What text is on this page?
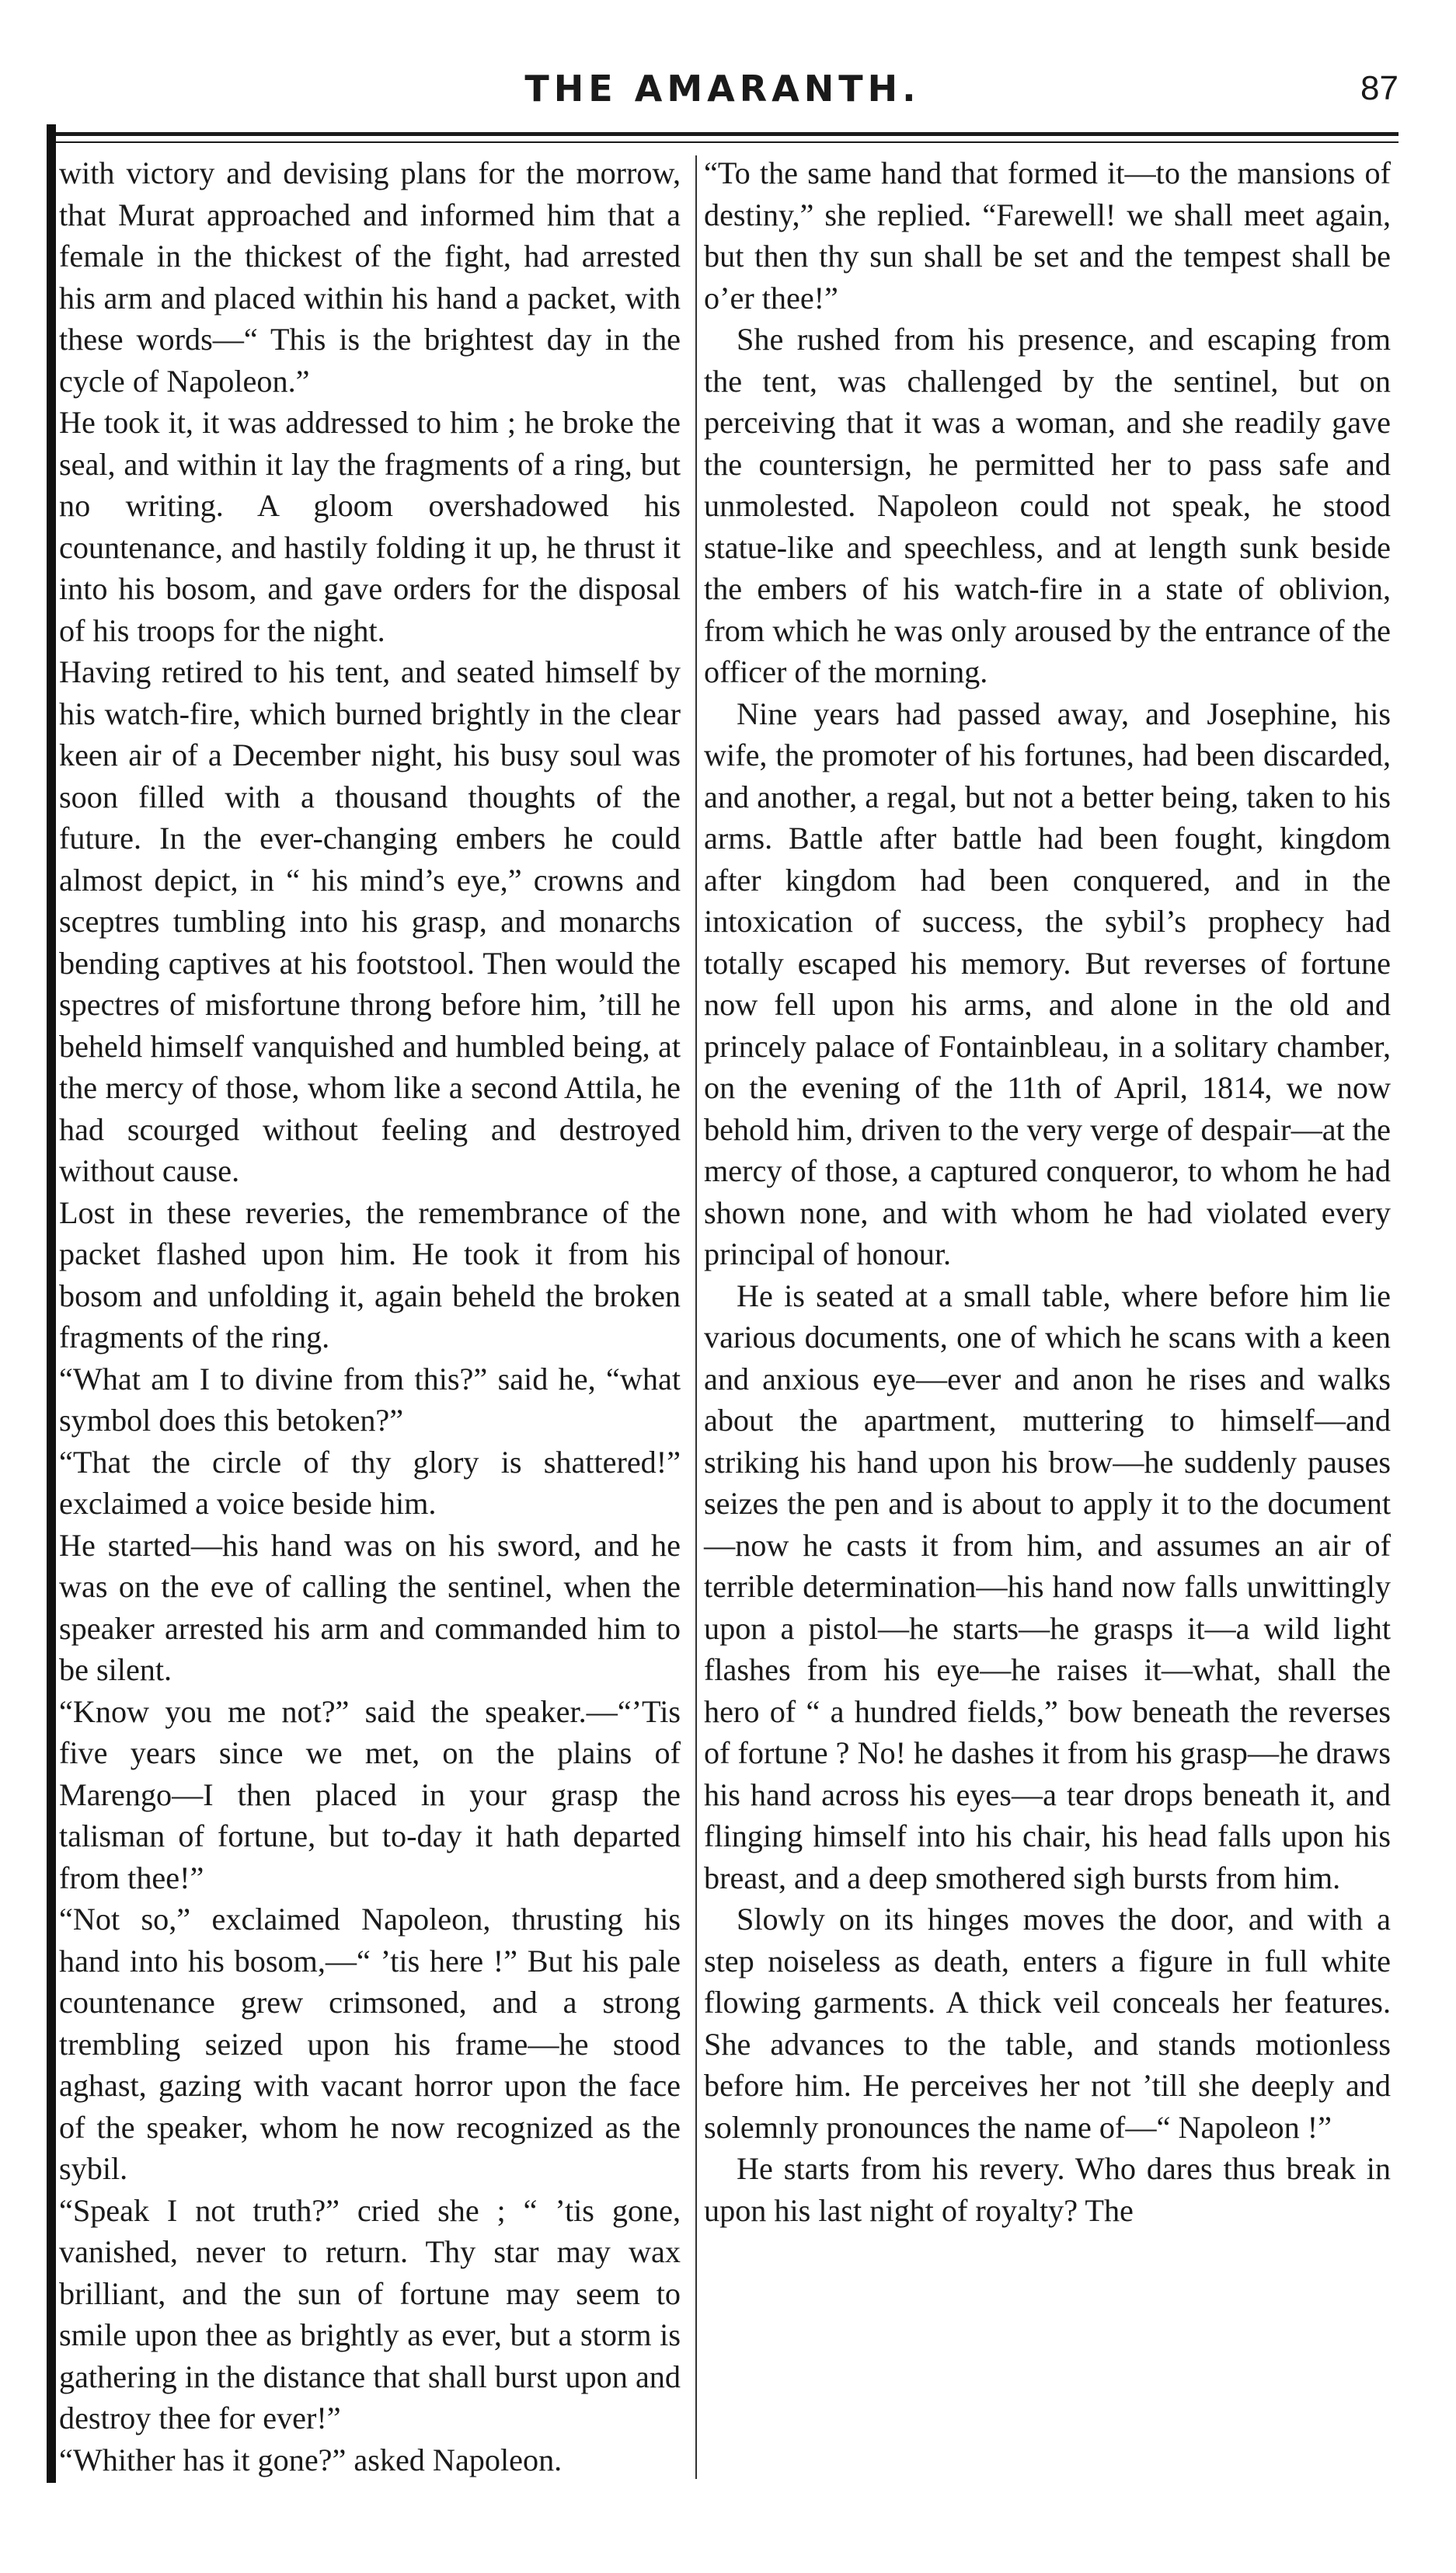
THE AMARANTH.	87

with victory and devising plans for the morrow, that Murat approached and informed him that a female in the thickest of the fight, had arrested his arm and placed within his hand a packet, with these words—“ This is the brightest day in the cycle of Napoleon.”

He took it, it was addressed to him ; he broke the seal, and within it lay the fragments of a ring, but no writing. A gloom overshadowed his countenance, and hastily folding it up, he thrust it into his bosom, and gave orders for the disposal of his troops for the night.

Having retired to his tent, and seated himself by his watch-fire, which burned brightly in the clear keen air of a December night, his busy soul was soon filled with a thousand thoughts of the future. In the ever-changing embers he could almost depict, in “ his mind’s eye,” crowns and sceptres tumbling into his grasp, and monarchs bending captives at his footstool. Then would the spectres of misfortune throng before him, ’till he beheld himself vanquished and humbled being, at the mercy of those, whom like a second Attila, he had scourged without feeling and destroyed without cause.

Lost in these reveries, the remembrance of the packet flashed upon him. He took it from his bosom and unfolding it, again beheld the broken fragments of the ring.

“What am I to divine from this?” said he, “what symbol does this betoken?”

“That the circle of thy glory is shattered!” exclaimed a voice beside him.

He started—his hand was on his sword, and he was on the eve of calling the sentinel, when the speaker arrested his arm and commanded him to be silent.

“Know you me not?” said the speaker.—“’Tis five years since we met, on the plains of Marengo—I then placed in your grasp the talisman of fortune, but to-day it hath departed from thee!”

“Not so,” exclaimed Napoleon, thrusting his hand into his bosom,—“ ’tis here !” But his pale countenance grew crimsoned, and a strong trembling seized upon his frame—he stood aghast, gazing with vacant horror upon the face of the speaker, whom he now recognized as the sybil.

“Speak I not truth?” cried she ; “ ’tis gone, vanished, never to return. Thy star may wax brilliant, and the sun of fortune may seem to smile upon thee as brightly as ever, but a storm is gathering in the distance that shall burst upon and destroy thee for ever!”

“Whither has it gone?” asked Napoleon.

“To the same hand that formed it—to the mansions of destiny,” she replied. “Farewell! we shall meet again, but then thy sun shall be set and the tempest shall be o’er thee!”

She rushed from his presence, and escaping from the tent, was challenged by the sentinel, but on perceiving that it was a woman, and she readily gave the countersign, he permitted her to pass safe and unmolested. Napoleon could not speak, he stood statue-like and speechless, and at length sunk beside the embers of his watch-fire in a state of oblivion, from which he was only aroused by the entrance of the officer of the morning.

Nine years had passed away, and Josephine, his wife, the promoter of his fortunes, had been discarded, and another, a regal, but not a better being, taken to his arms. Battle after battle had been fought, kingdom after kingdom had been conquered, and in the intoxication of success, the sybil’s prophecy had totally escaped his memory. But reverses of fortune now fell upon his arms, and alone in the old and princely palace of Fontainbleau, in a solitary chamber, on the evening of the 11th of April, 1814, we now behold him, driven to the very verge of despair—at the mercy of those, a captured conqueror, to whom he had shown none, and with whom he had violated every principal of honour.

He is seated at a small table, where before him lie various documents, one of which he scans with a keen and anxious eye—ever and anon he rises and walks about the apartment, muttering to himself—and striking his hand upon his brow—he suddenly pauses seizes the pen and is about to apply it to the document—now he casts it from him, and assumes an air of terrible determination—his hand now falls unwittingly upon a pistol—he starts—he grasps it—a wild light flashes from his eye—he raises it—what, shall the hero of “ a hundred fields,” bow beneath the reverses of fortune ? No! he dashes it from his grasp—he draws his hand across his eyes—a tear drops beneath it, and flinging himself into his chair, his head falls upon his breast, and a deep smothered sigh bursts from him.

Slowly on its hinges moves the door, and with a step noiseless as death, enters a figure in full white flowing garments. A thick veil conceals her features. She advances to the table, and stands motionless before him. He perceives her not ’till she deeply and solemnly pronounces the name of—“ Napoleon !”

He starts from his revery. Who dares thus break in upon his last night of royalty? The
